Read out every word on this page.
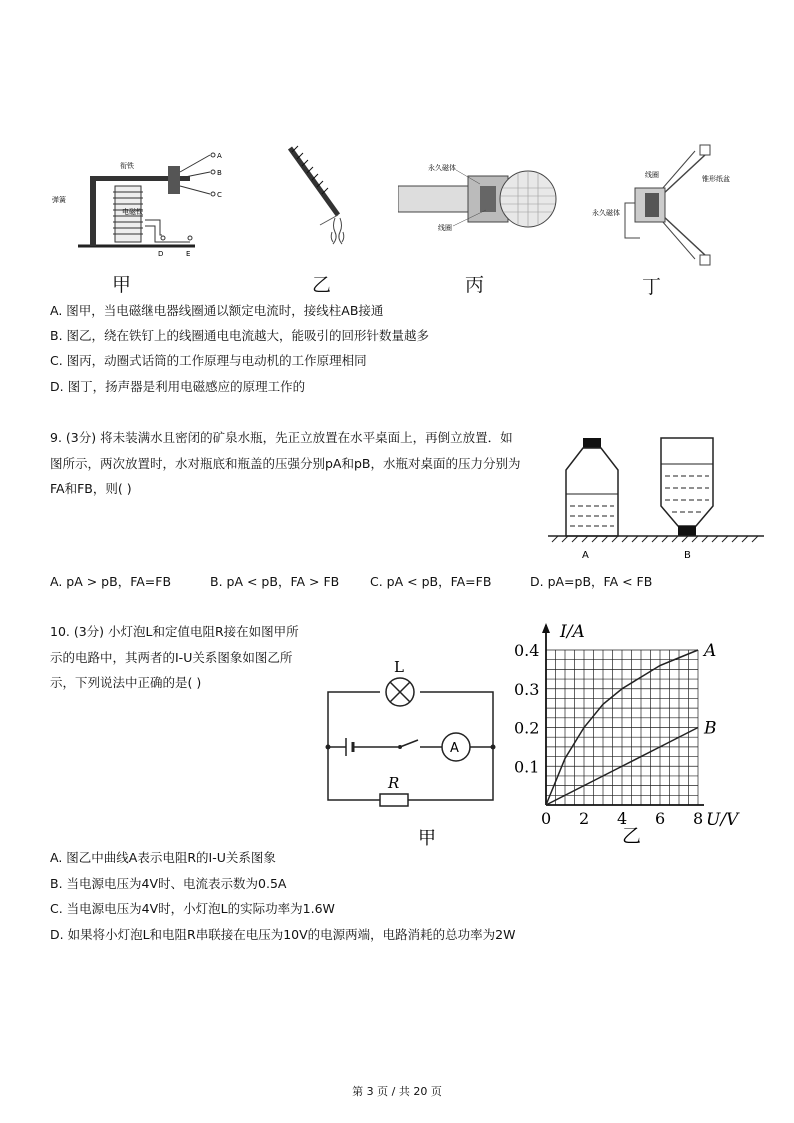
衔铁
弹簧
电磁铁
A
B
C
D	E
甲	乙
永久磁体
线圈
丙
线圈	锥形纸盆
永久磁体
丁
A. 图甲，当电磁继电器线圈通以额定电流时，接线柱AB接通
B. 图乙，绕在铁钉上的线圈通电电流越大，能吸引的回形针数量越多
C. 图丙，动圈式话筒的工作原理与电动机的工作原理相同
D. 图丁，扬声器是利用电磁感应的原理工作的
9. (3分) 将未装满水且密闭的矿泉水瓶，先正立放置在水平桌面上，再倒立放置．如
图所示，两次放置时，水对瓶底和瓶盖的压强分别pA和pB，水瓶对桌面的压力分别为
FA和FB，则( )
A	B
A. pA > pB，FA=FB	B. pA < pB，FA > FB C. pA < pB，FA=FB	D. pA=pB，FA < FB
10. (3分) 小灯泡L和定值电阻R接在如图甲所
示的电路中，其两者的I-U关系图象如图乙所
示，下列说法中正确的是( )
L
A
R
甲
0 2 4 6 8
0.1
0.2
0.3
0.4
I/A
U/V
A
B
乙
A. 图乙中曲线A表示电阻R的I-U关系图象
B. 当电源电压为4V时、电流表示数为0.5A
C. 当电源电压为4V时，小灯泡L的实际功率为1.6W
D. 如果将小灯泡L和电阻R串联接在电压为10V的电源两端，电路消耗的总功率为2W
第 3 页 / 共 20 页
